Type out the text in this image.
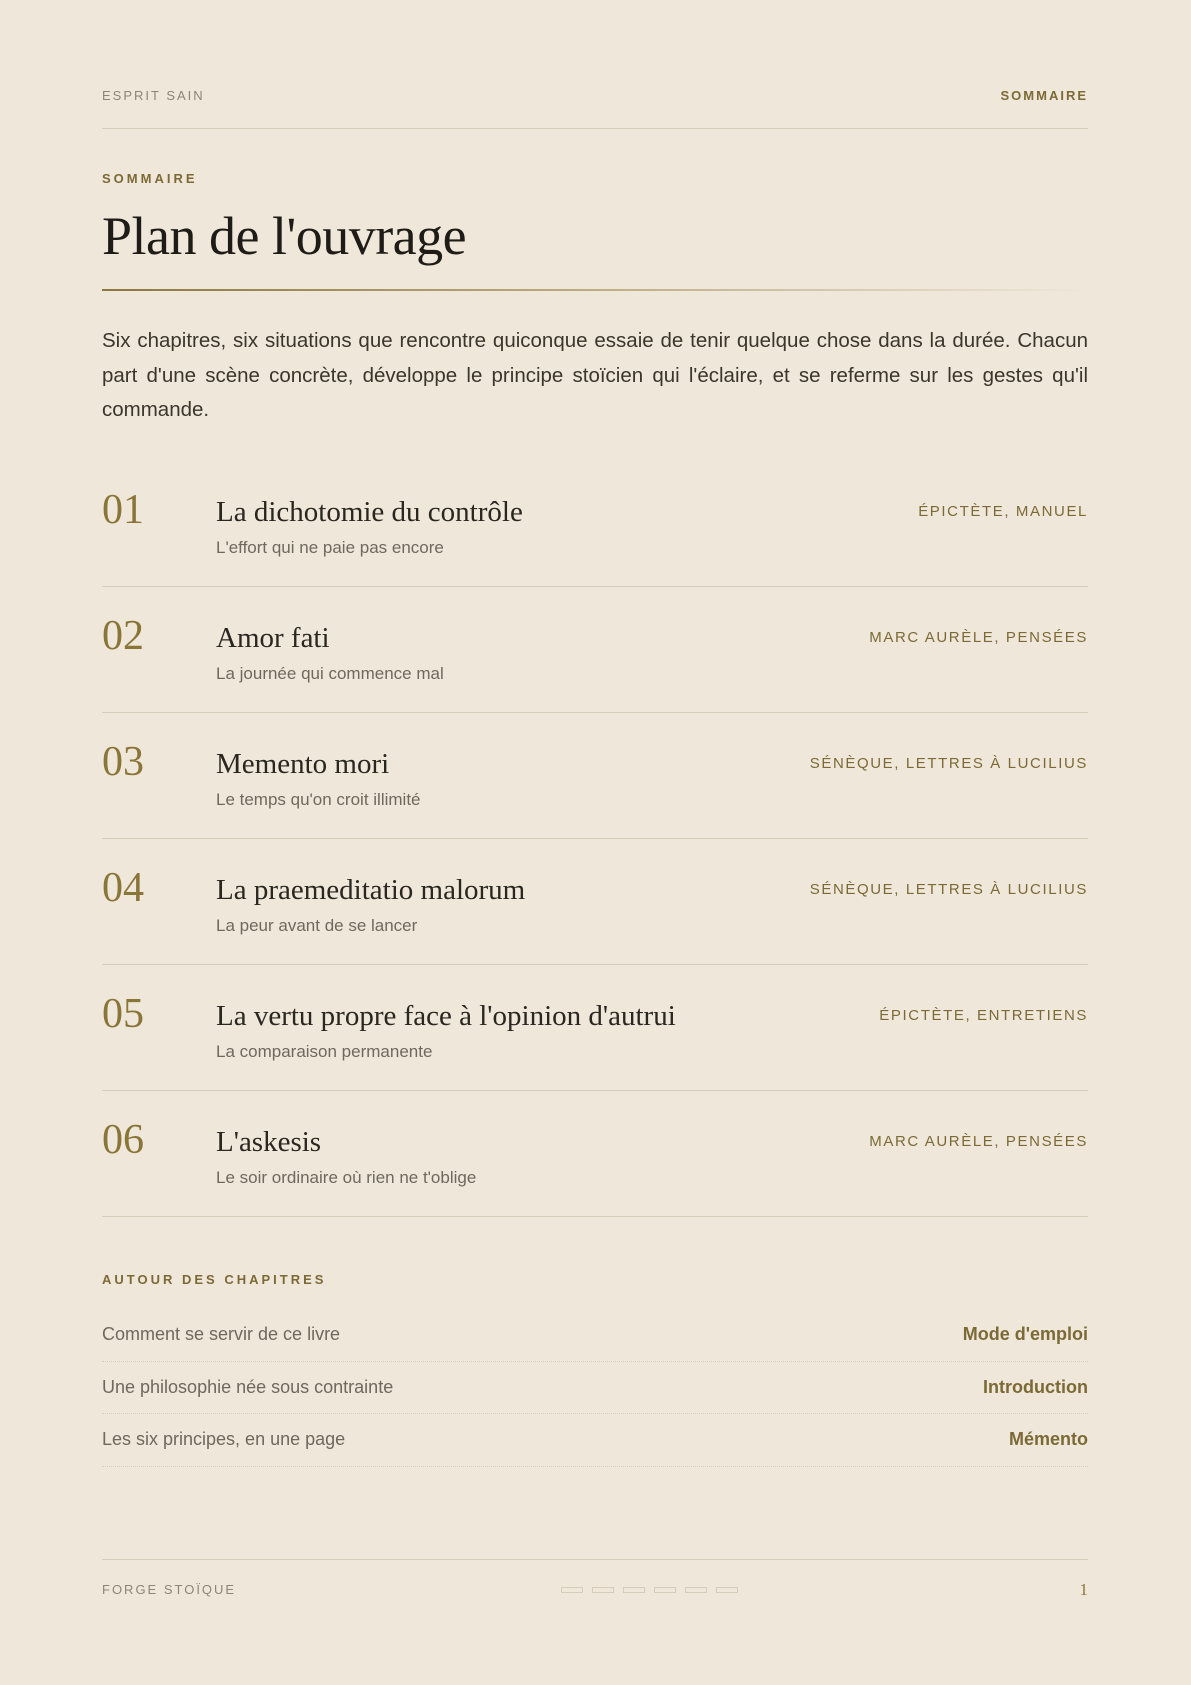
ESPRIT SAIN	SOMMAIRE
SOMMAIRE
Plan de l'ouvrage

Six chapitres, six situations que rencontre quiconque essaie de tenir quelque chose dans la durée. Chacun part d'une scène concrète, développe le principe stoïcien qui l'éclaire, et se referme sur les gestes qu'il commande.

01 La dichotomie du contrôle
L'effort qui ne paie pas encore
ÉPICTÈTE, MANUEL
02 Amor fati
La journée qui commence mal
MARC AURÈLE, PENSÉES
03 Memento mori
Le temps qu'on croit illimité
SÉNÈQUE, LETTRES À LUCILIUS
04 La praemeditatio malorum
La peur avant de se lancer
SÉNÈQUE, LETTRES À LUCILIUS
05 La vertu propre face à l'opinion d'autrui
La comparaison permanente
ÉPICTÈTE, ENTRETIENS
06 L'askesis
Le soir ordinaire où rien ne t'oblige
MARC AURÈLE, PENSÉES
AUTOUR DES CHAPITRES
Comment se servir de ce livre	Mode d'emploi
Une philosophie née sous contrainte	Introduction
Les six principes, en une page	Mémento
FORGE STOÏQUE	1
